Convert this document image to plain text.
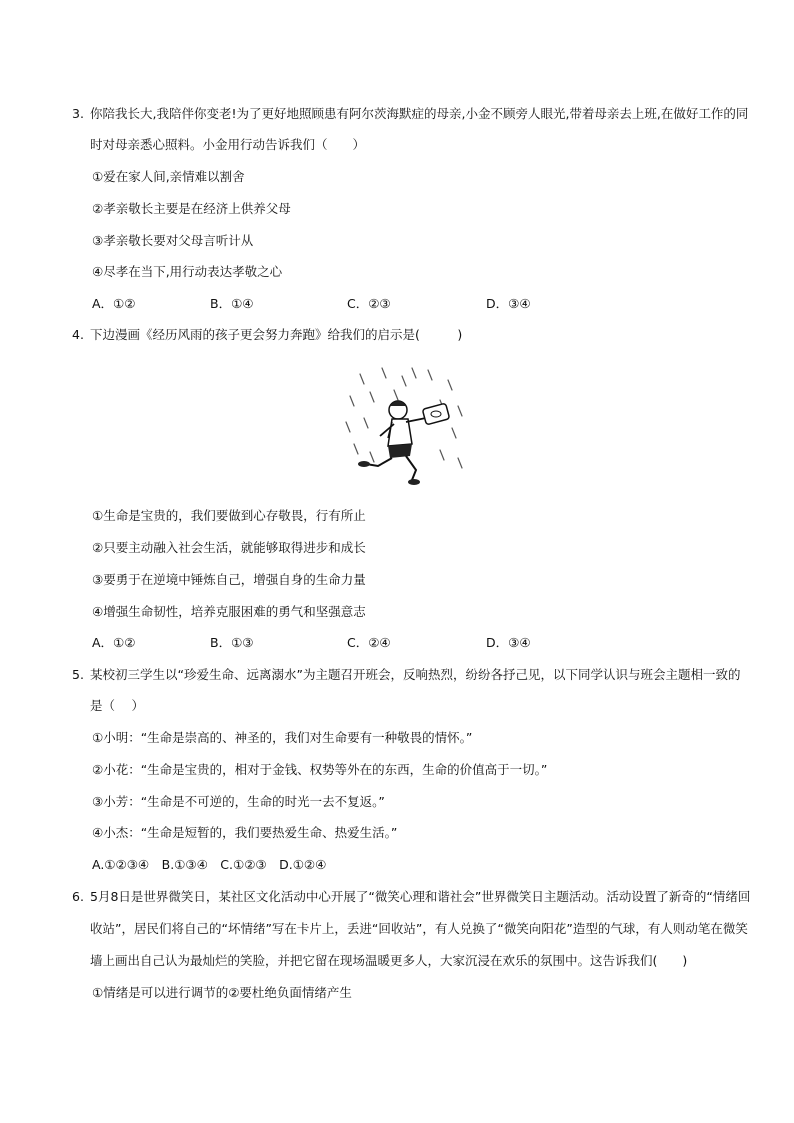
3. 你陪我长大,我陪伴你变老!为了更好地照顾患有阿尔茨海默症的母亲,小金不顾旁人眼光,带着母亲去上班,在做好工作的同
时对母亲悉心照料。小金用行动告诉我们（　　）
①爱在家人间,亲情难以割舍
②孝亲敬长主要是在经济上供养父母
③孝亲敬长要对父母言听计从
④尽孝在当下,用行动表达孝敬之心
A．①②	B．①④	C．②③	D．③④
4. 下边漫画《经历风雨的孩子更会努力奔跑》给我们的启示是(　　　)
①生命是宝贵的，我们要做到心存敬畏，行有所止
②只要主动融入社会生活，就能够取得进步和成长
③要勇于在逆境中锤炼自己，增强自身的生命力量
④增强生命韧性，培养克服困难的勇气和坚强意志
A．①②	B．①③	C．②④	D．③④
5. 某校初三学生以“珍爱生命、远离溺水”为主题召开班会，反响热烈，纷纷各抒己见，以下同学认识与班会主题相一致的
是（　 ）
①小明：“生命是崇高的、神圣的，我们对生命要有一种敬畏的情怀。”
②小花：“生命是宝贵的，相对于金钱、权势等外在的东西，生命的价值高于一切。”
③小芳：“生命是不可逆的，生命的时光一去不复返。”
④小杰：“生命是短暂的，我们要热爱生命、热爱生活。”
A.①②③④　B.①③④　C.①②③　D.①②④
6. 5月8日是世界微笑日，某社区文化活动中心开展了“微笑心理和谐社会”世界微笑日主题活动。活动设置了新奇的“情绪回
收站”，居民们将自己的“坏情绪”写在卡片上，丢进“回收站”，有人兑换了“微笑向阳花”造型的气球，有人则动笔在微笑
墙上画出自己认为最灿烂的笑脸，并把它留在现场温暖更多人，大家沉浸在欢乐的氛围中。这告诉我们(　　)
①情绪是可以进行调节的②要杜绝负面情绪产生
